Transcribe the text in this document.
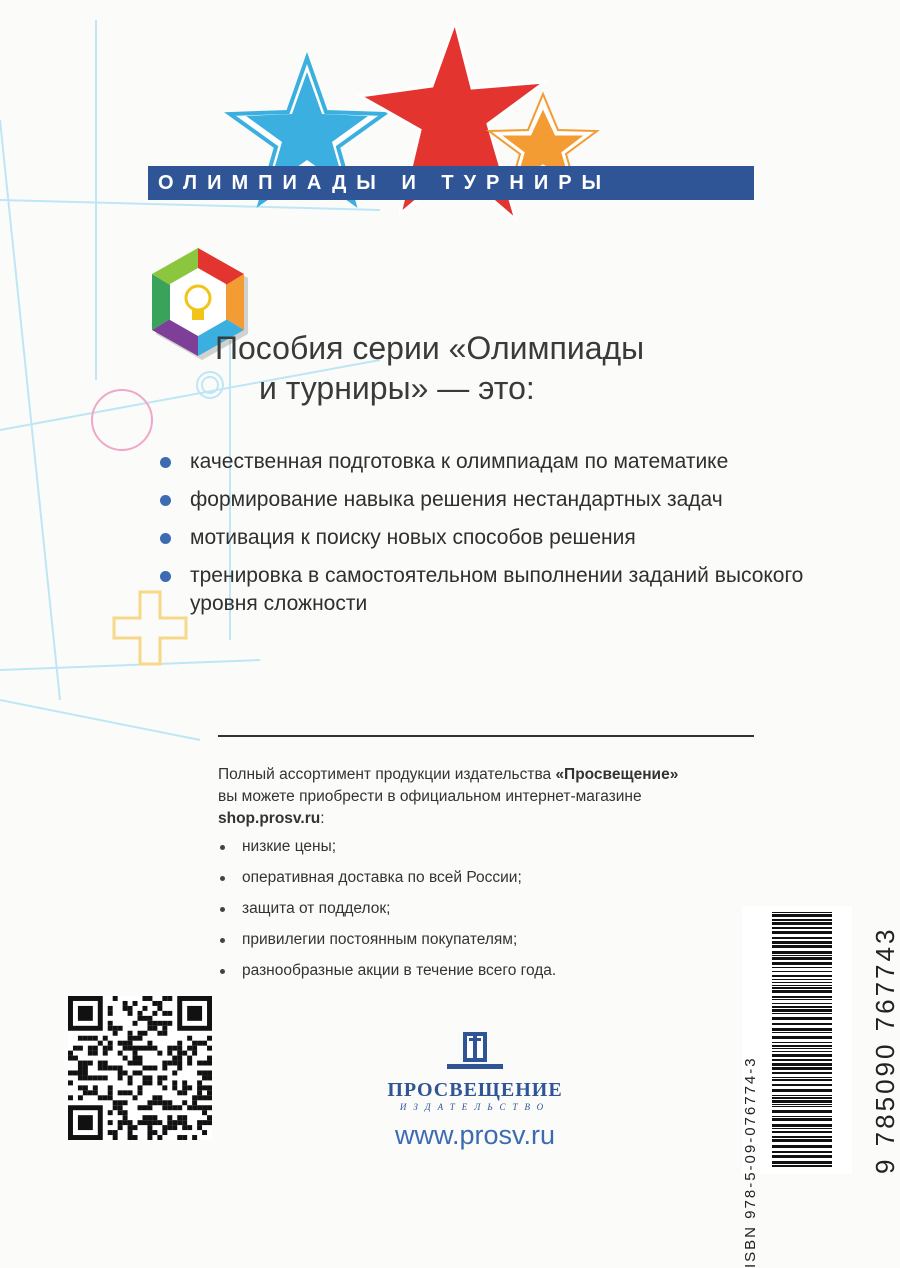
ОЛИМПИАДЫ И ТУРНИРЫ
Пособия серии «Олимпиады
и турниры» — это:
качественная подготовка к олимпиадам по математике
формирование навыка решения нестандартных задач
мотивация к поиску новых способов решения
тренировка в самостоятельном выполнении заданий высокого уровня сложности
Полный ассортимент продукции издательства «Просвещение»
вы можете приобрести в официальном интернет-магазине
shop.prosv.ru:
низкие цены;
оперативная доставка по всей России;
защита от подделок;
привилегии постоянным покупателям;
разнообразные акции в течение всего года.
ПРОСВЕЩЕНИЕ
ИЗДАТЕЛЬСТВО
www.prosv.ru	ISBN 978-5-09-076774-3	9 785090 767743
